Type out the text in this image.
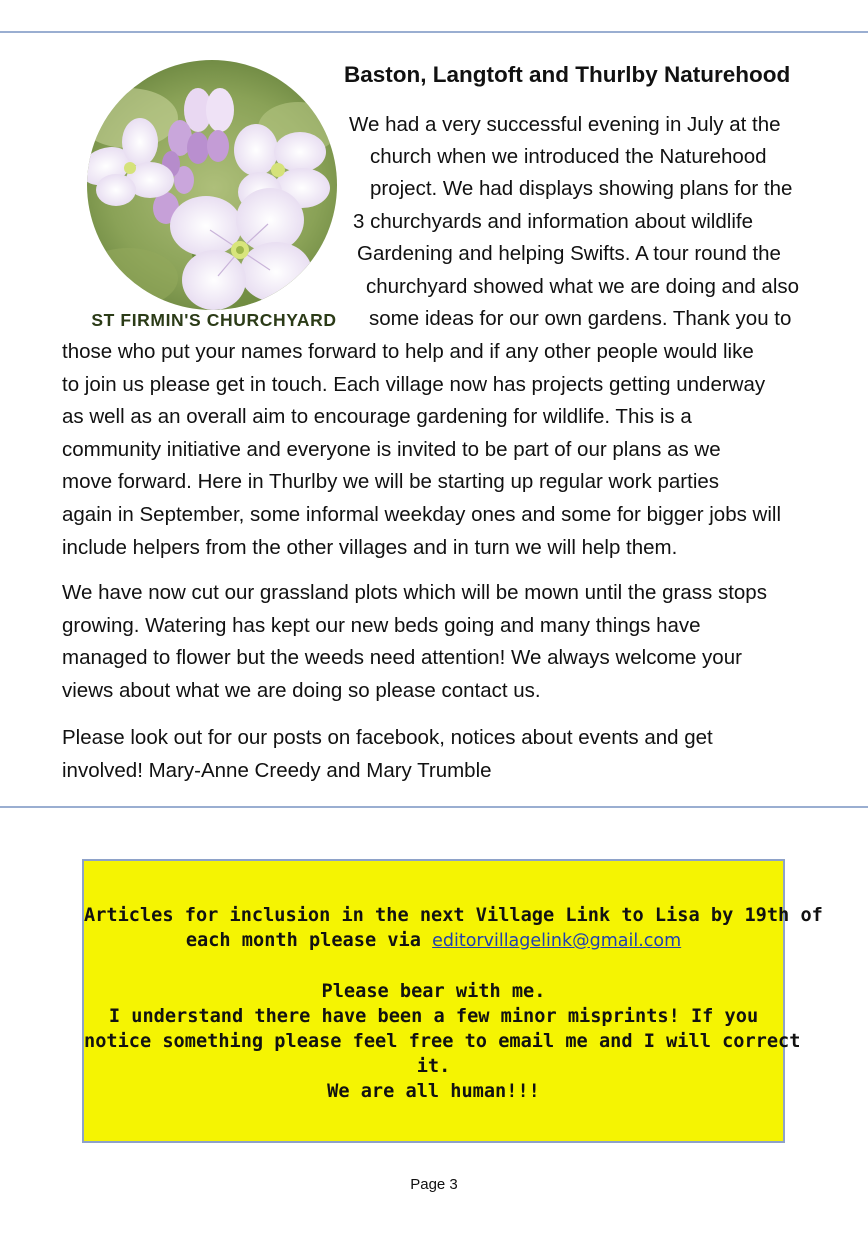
ST FIRMIN'S CHURCHYARD
Baston, Langtoft and Thurlby Naturehood
We had a very successful evening in July at the
church when we introduced the Naturehood
project. We had displays showing plans for the
3 churchyards and information about wildlife
Gardening and helping Swifts. A tour round the
churchyard showed what we are doing and also
some ideas for our own gardens. Thank you to
those who put your names forward to help and if any other people would like
to join us please get in touch. Each village now has projects getting underway
as well as an overall aim to encourage gardening for wildlife. This is a
community initiative and everyone is invited to be part of our plans as we
move forward. Here in Thurlby we will be starting up regular work parties
again in September, some informal weekday ones and some for bigger jobs will
include helpers from the other villages and in turn we will help them.
We have now cut our grassland plots which will be mown until the grass stops
growing. Watering has kept our new beds going and many things have
managed to flower but the weeds need attention! We always welcome your
views about what we are doing so please contact us.
Please look out for our posts on facebook, notices about events and get
involved! Mary-Anne Creedy and Mary Trumble
Articles for inclusion in the next Village Link to Lisa by 19th of
each month please via editorvillagelink@gmail.com

Please bear with me.
I understand there have been a few minor misprints! If you
notice something please feel free to email me and I will correct
it.
We are all human!!!
Page 3
